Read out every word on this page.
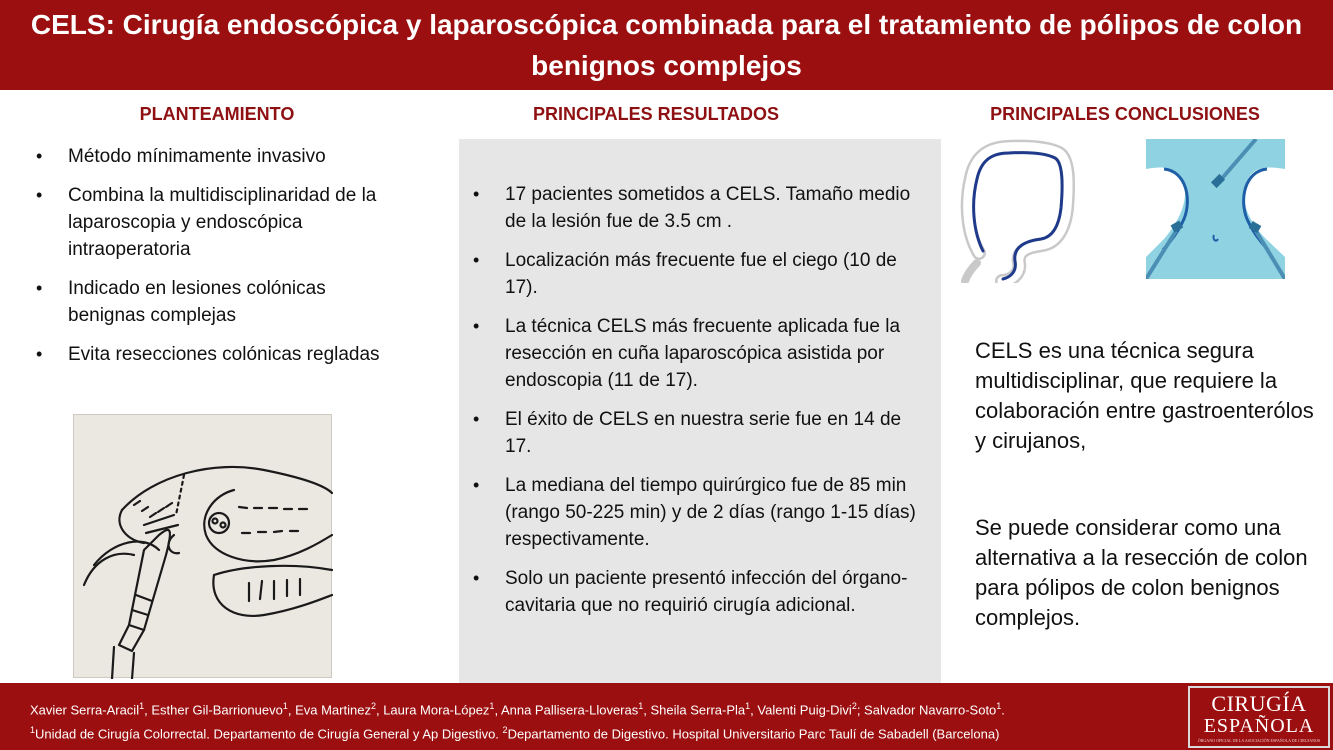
CELS: Cirugía endoscópica y laparoscópica combinada para el tratamiento de pólipos de colon benignos complejos
PLANTEAMIENTO
• Método mínimamente invasivo
• Combina la multidisciplinaridad de la laparoscopia y endoscópica intraoperatoria
• Indicado en lesiones colónicas benignas complejas
• Evita resecciones colónicas regladas
PRINCIPALES RESULTADOS
• 17 pacientes sometidos a CELS. Tamaño medio de la lesión fue de 3.5 cm .
• Localización más frecuente fue el ciego (10 de 17).
• La técnica CELS más frecuente aplicada fue la resección en cuña laparoscópica asistida por endoscopia (11 de 17).
• El éxito de CELS en nuestra serie fue en 14 de 17.
• La mediana del tiempo quirúrgico fue de 85 min (rango 50-225 min) y de 2 días (rango 1-15 días) respectivamente.
• Solo un paciente presentó infección del órgano-cavitaria que no requirió cirugía adicional.
PRINCIPALES CONCLUSIONES
CELS es una técnica segura multidisciplinar, que requiere la colaboración entre gastroenterólos y cirujanos,
Se puede considerar como una alternativa a la resección de colon para pólipos de colon benignos complejos.
Xavier Serra-Aracil$^1$, Esther Gil-Barrionuevo$^1$, Eva Martinez$^2$, Laura Mora-López$^1$, Anna Pallisera-Lloveras$^1$, Sheila Serra-Pla$^1$, Valenti Puig-Divi$^2$; Salvador Navarro-Soto$^1$.
$^1$Unidad de Cirugía Colorrectal. Departamento de Cirugía General y Ap Digestivo. $^2$Departamento de Digestivo. Hospital Universitario Parc Taulí de Sabadell (Barcelona)
CIRUGÍA
ESPAÑOLA
ÓRGANO OFICIAL DE LA ASOCIACIÓN ESPAÑOLA DE CIRUJANOS
